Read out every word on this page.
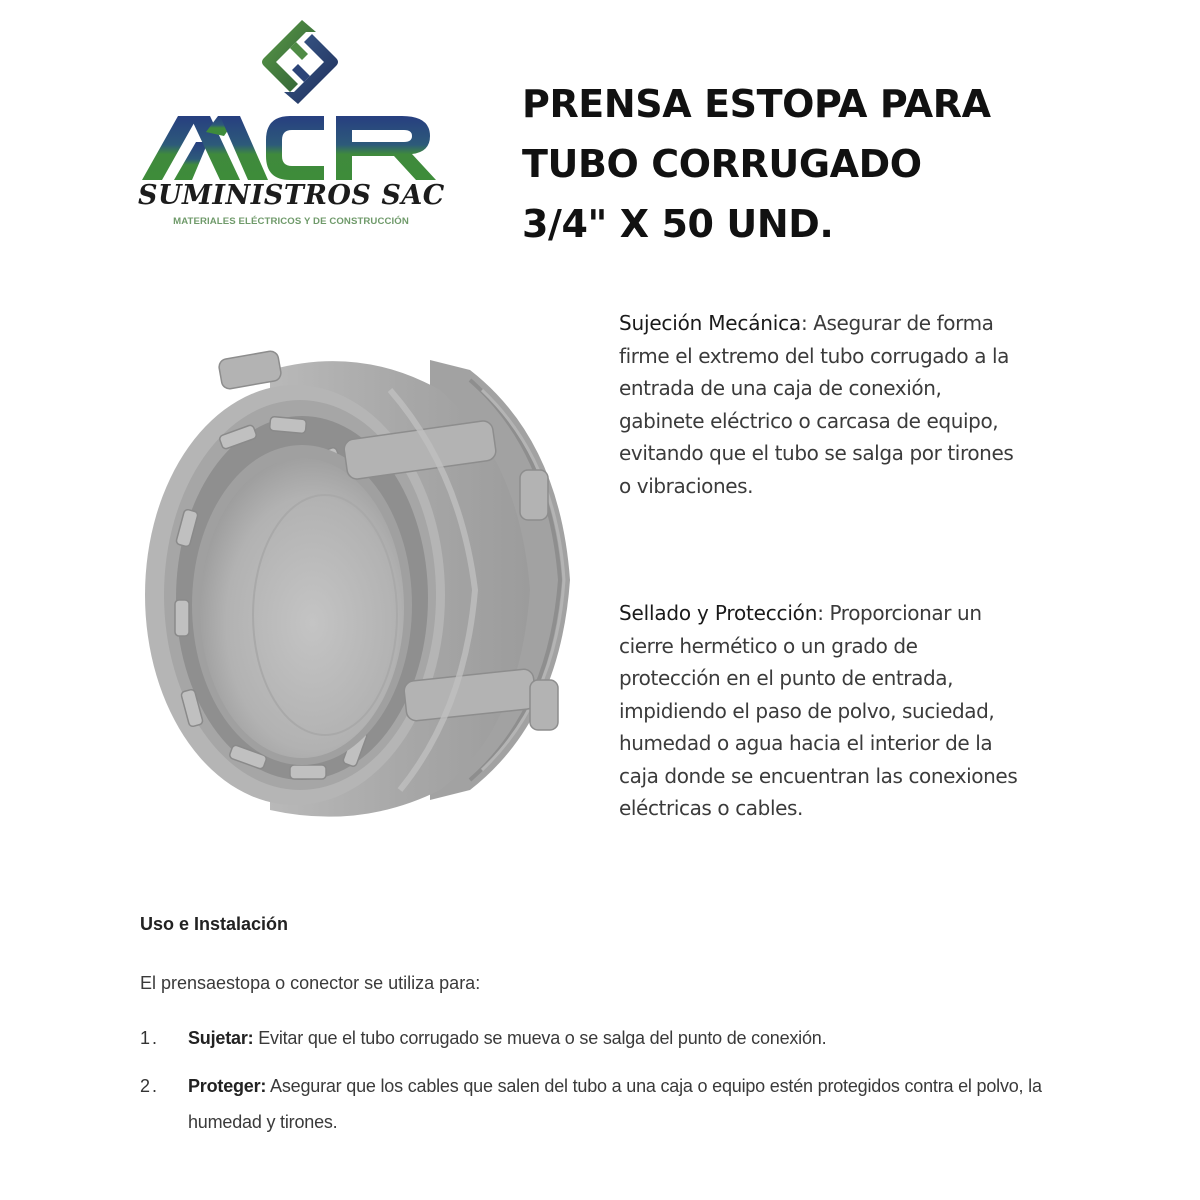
SUMINISTROS SAC
MATERIALES ELÉCTRICOS Y DE CONSTRUCCIÓN
PRENSA ESTOPA PARA
TUBO CORRUGADO
3/4" X 50 UND.
Sujeción Mecánica: Asegurar de forma
firme el extremo del tubo corrugado a la
entrada de una caja de conexión,
gabinete eléctrico o carcasa de equipo,
evitando que el tubo se salga por tirones
o vibraciones.
Sellado y Protección: Proporcionar un
cierre hermético o un grado de
protección en el punto de entrada,
impidiendo el paso de polvo, suciedad,
humedad o agua hacia el interior de la
caja donde se encuentran las conexiones
eléctricas o cables.
Uso e Instalación

El prensaestopa o conector se utiliza para:

1. Sujetar: Evitar que el tubo corrugado se mueva o se salga del punto de conexión.
2. Proteger: Asegurar que los cables que salen del tubo a una caja o equipo estén protegidos contra el polvo, la humedad y tirones.
